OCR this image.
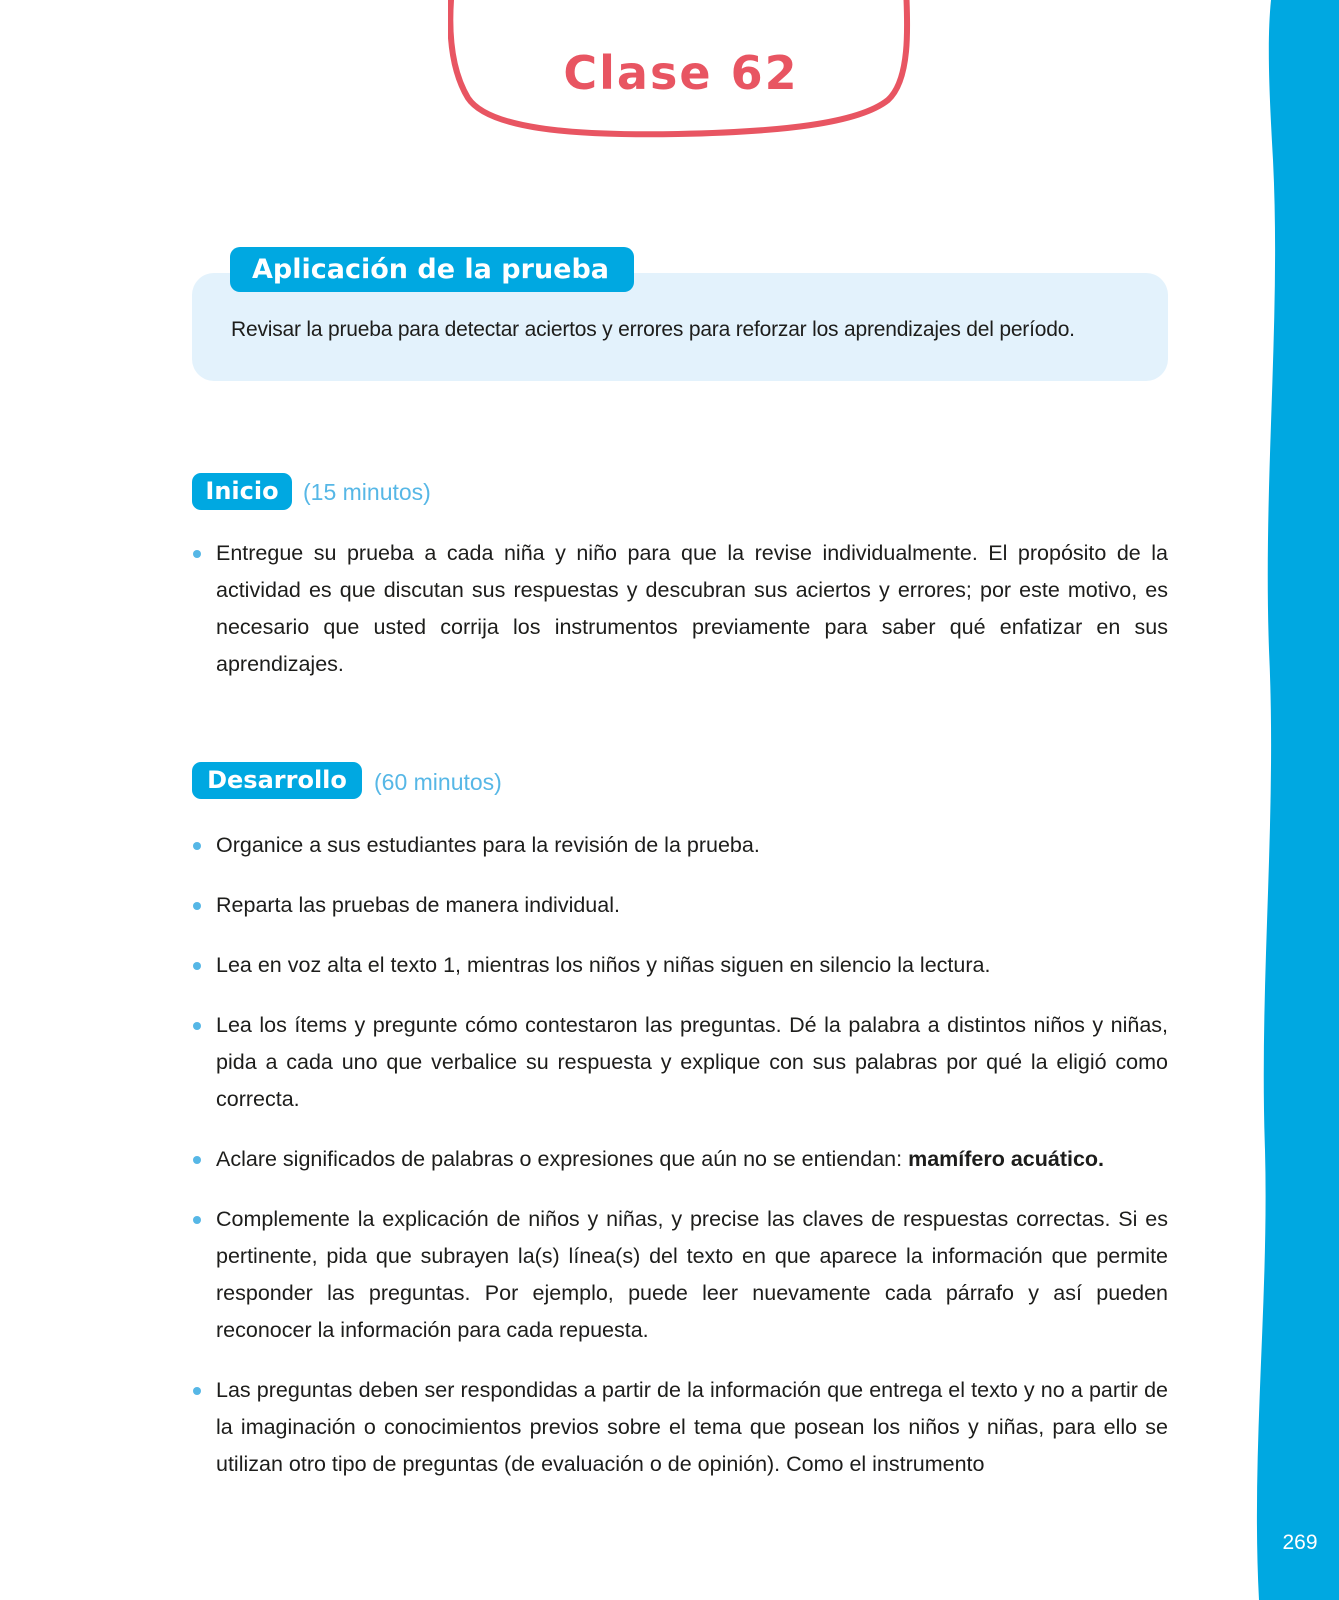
Clase 62
Aplicación de la prueba
Revisar la prueba para detectar aciertos y errores para reforzar los aprendizajes del período.
Inicio	(15 minutos)
Entregue su prueba a cada niña y niño para que la revise individualmente. El propósito de la actividad es que discutan sus respuestas y descubran sus aciertos y errores; por este motivo, es necesario que usted corrija los instrumentos previamente para saber qué enfatizar en sus aprendizajes.
Desarrollo	(60 minutos)
Organice a sus estudiantes para la revisión de la prueba.
Reparta las pruebas de manera individual.
Lea en voz alta el texto 1, mientras los niños y niñas siguen en silencio la lectura.
Lea los ítems y pregunte cómo contestaron las preguntas. Dé la palabra a distintos niños y niñas, pida a cada uno que verbalice su respuesta y explique con sus palabras por qué la eligió como correcta.
Aclare significados de palabras o expresiones que aún no se entiendan: mamífero acuático.
Complemente la explicación de niños y niñas, y precise las claves de respuestas correctas. Si es pertinente, pida que subrayen la(s) línea(s) del texto en que aparece la información que permite responder las preguntas. Por ejemplo, puede leer nuevamente cada párrafo y así pueden reconocer la información para cada repuesta.
Las preguntas deben ser respondidas a partir de la información que entrega el texto y no a partir de la imaginación o conocimientos previos sobre el tema que posean los niños y niñas, para ello se utilizan otro tipo de preguntas (de evaluación o de opinión). Como el instrumento
269
